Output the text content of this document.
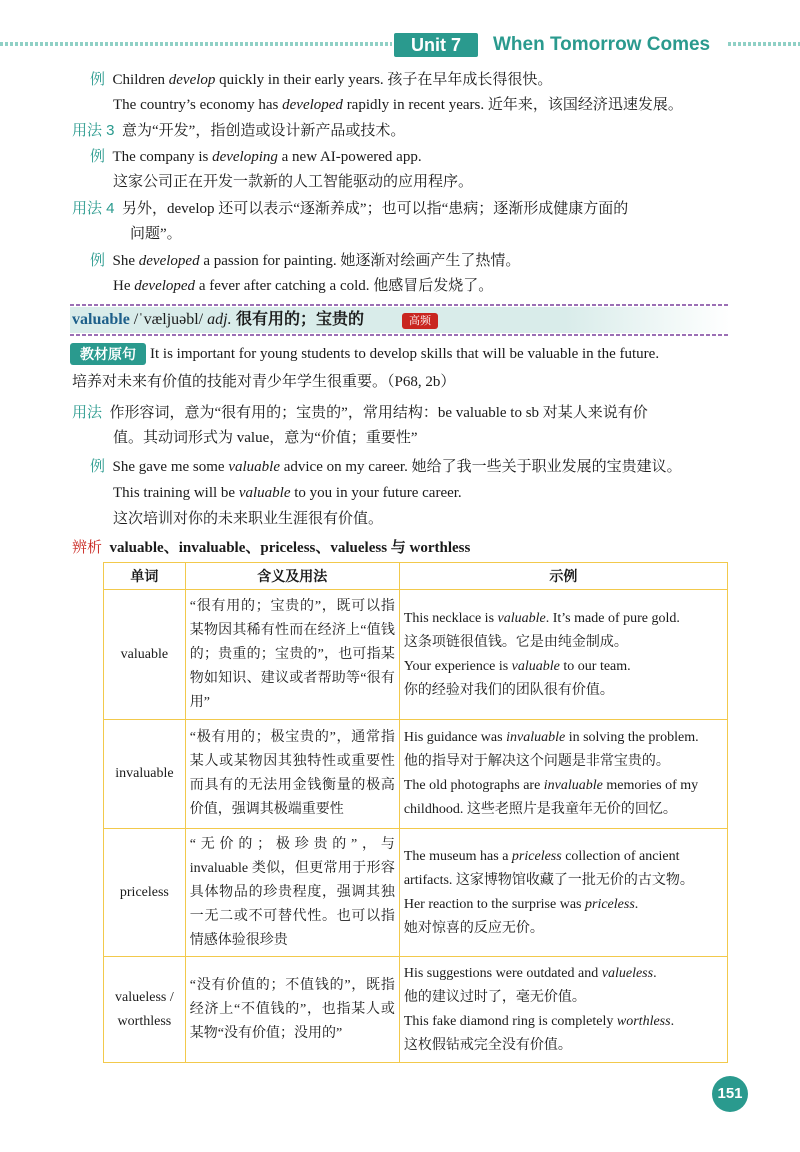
Unit 7	When Tomorrow Comes
例  Children develop quickly in their early years. 孩子在早年成长得很快。
The country’s economy has developed rapidly in recent years. 近年来，该国经济迅速发展。
用法 3  意为“开发”，指创造或设计新产品或技术。
例  The company is developing a new AI-powered app.
这家公司正在开发一款新的人工智能驱动的应用程序。
用法 4  另外，develop 还可以表示“逐渐养成”；也可以指“患病；逐渐形成健康方面的
问题”。
例  She developed a passion for painting. 她逐渐对绘画产生了热情。
He developed a fever after catching a cold. 他感冒后发烧了。
valuable /ˈvæljuəbl/ adj. 很有用的；宝贵的	高频
教材原句 It is important for young students to develop skills that will be valuable in the future.
培养对未来有价值的技能对青少年学生很重要。（P68, 2b）
用法 作形容词，意为“很有用的；宝贵的”，常用结构：be valuable to sb 对某人来说有价
值。其动词形式为 value，意为“价值；重要性”
例 She gave me some valuable advice on my career. 她给了我一些关于职业发展的宝贵建议。
This training will be valuable to you in your future career.
这次培训对你的未来职业生涯很有价值。
辨析 valuable、invaluable、priceless、valueless 与 worthless
单词	含义及用法	示例
valuable	“很有用的；宝贵的”，既可以指某物因其稀有性而在经济上“值钱的；贵重的；宝贵的”，也可指某物如知识、建议或者帮助等“很有用”	This necklace is valuable. It’s made of pure gold.
这条项链很值钱。它是由纯金制成。
Your experience is valuable to our team.
你的经验对我们的团队很有价值。

invaluable	“极有用的；极宝贵的”，通常指某人或某物因其独特性或重要性而具有的无法用金钱衡量的极高价值，强调其极端重要性	His guidance was invaluable in solving the problem.
他的指导对于解决这个问题是非常宝贵的。
The old photographs are invaluable memories of my childhood. 这些老照片是我童年无价的回忆。

priceless	“无价的；极珍贵的”，与 invaluable 类似，但更常用于形容具体物品的珍贵程度，强调其独一无二或不可替代性。也可以指情感体验很珍贵	The museum has a priceless collection of ancient artifacts. 这家博物馆收藏了一批无价的古文物。
Her reaction to the surprise was priceless.
她对惊喜的反应无价。

valueless / worthless	“没有价值的；不值钱的”，既指经济上“不值钱的”，也指某人或某物“没有价值；没用的”	His suggestions were outdated and valueless.
他的建议过时了，毫无价值。
This fake diamond ring is completely worthless.
这枚假钻戒完全没有价值。
151
